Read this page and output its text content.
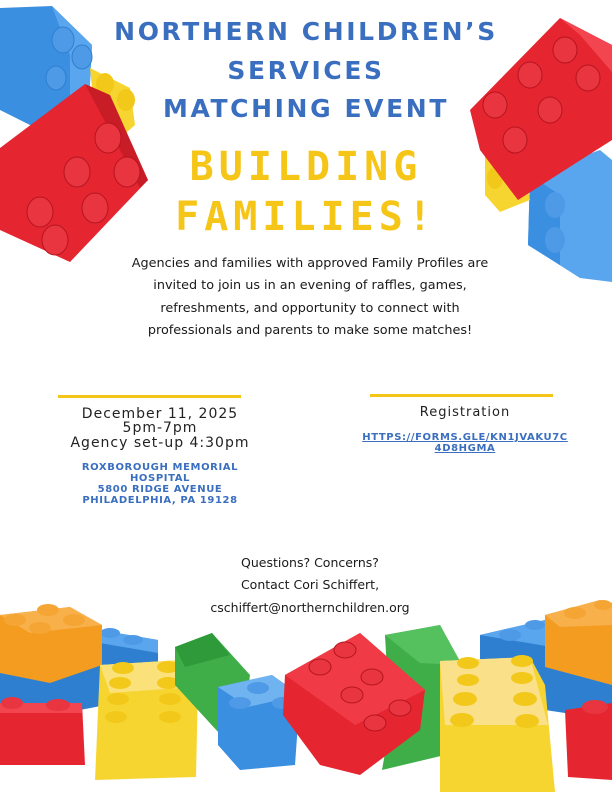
NORTHERN CHILDREN’S
SERVICES
MATCHING EVENT
BUILDING
FAMILIES!
Agencies and families with approved Family Profiles are invited to join us in an evening of raffles, games, refreshments, and opportunity to connect with professionals and parents to make some matches!
December 11, 2025
5pm-7pm
Agency set-up 4:30pm
ROXBOROUGH MEMORIAL
HOSPITAL
5800 RIDGE AVENUE
PHILADELPHIA, PA 19128
Registration
HTTPS://FORMS.GLE/KN1JVAKU7C
4D8HGMA
Questions? Concerns?
Contact Cori Schiffert,
cschiffert@northernchildren.org
